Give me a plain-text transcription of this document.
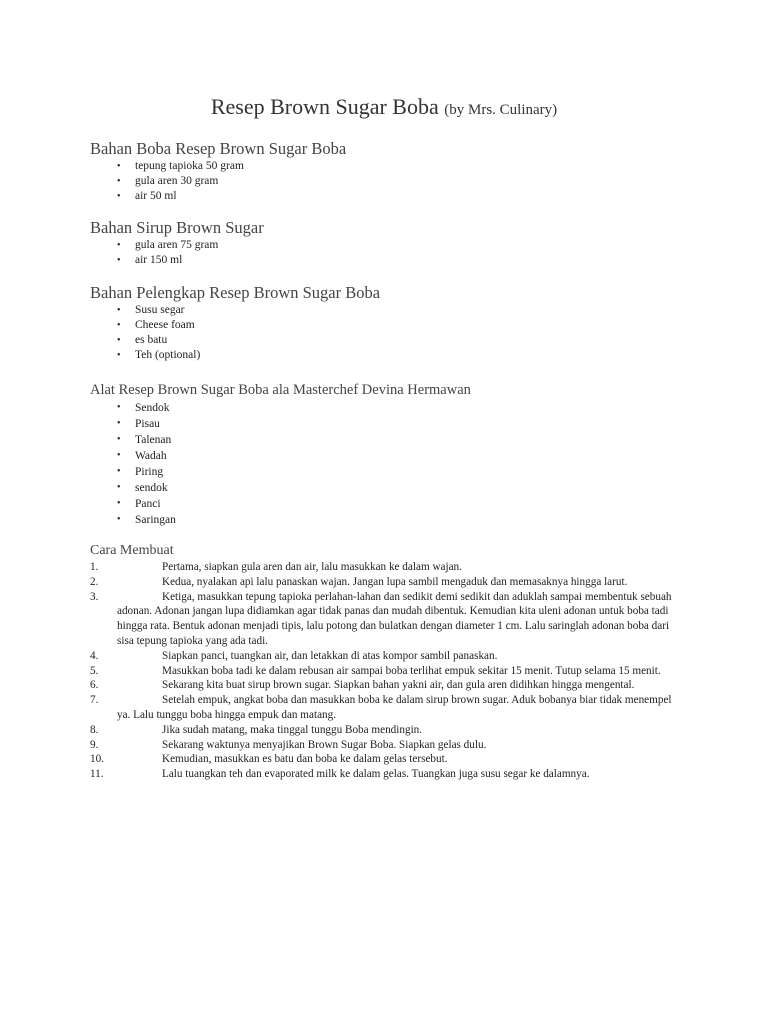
Resep Brown Sugar Boba (by Mrs. Culinary)
Bahan Boba Resep Brown Sugar Boba
• tepung tapioka 50 gram
• gula aren 30 gram
• air 50 ml
Bahan Sirup Brown Sugar
• gula aren 75 gram
• air 150 ml
Bahan Pelengkap Resep Brown Sugar Boba
• Susu segar
• Cheese foam
• es batu
• Teh (optional)
Alat Resep Brown Sugar Boba ala Masterchef Devina Hermawan
• Sendok
• Pisau
• Talenan
• Wadah
• Piring
• sendok
• Panci
• Saringan
Cara Membuat
1.	Pertama, siapkan gula aren dan air, lalu masukkan ke dalam wajan.
2.	Kedua, nyalakan api lalu panaskan wajan. Jangan lupa sambil mengaduk dan memasaknya hingga larut.
3.	Ketiga, masukkan tepung tapioka perlahan-lahan dan sedikit demi sedikit dan aduklah sampai membentuk sebuah adonan. Adonan jangan lupa didiamkan agar tidak panas dan mudah dibentuk. Kemudian kita uleni adonan untuk boba tadi hingga rata. Bentuk adonan menjadi tipis, lalu potong dan bulatkan dengan diameter 1 cm. Lalu saringlah adonan boba dari sisa tepung tapioka yang ada tadi.
4.	Siapkan panci, tuangkan air, dan letakkan di atas kompor sambil panaskan.
5.	Masukkan boba tadi ke dalam rebusan air sampai boba terlihat empuk sekitar 15 menit. Tutup selama 15 menit.
6.	Sekarang kita buat sirup brown sugar. Siapkan bahan yakni air, dan gula aren didihkan hingga mengental.
7.	Setelah empuk, angkat boba dan masukkan boba ke dalam sirup brown sugar. Aduk bobanya biar tidak menempel ya. Lalu tunggu boba hingga empuk dan matang.
8.	Jika sudah matang, maka tinggal tunggu Boba mendingin.
9.	Sekarang waktunya menyajikan Brown Sugar Boba. Siapkan gelas dulu.
10.	Kemudian, masukkan es batu dan boba ke dalam gelas tersebut.
11.	Lalu tuangkan teh dan evaporated milk ke dalam gelas. Tuangkan juga susu segar ke dalamnya.
